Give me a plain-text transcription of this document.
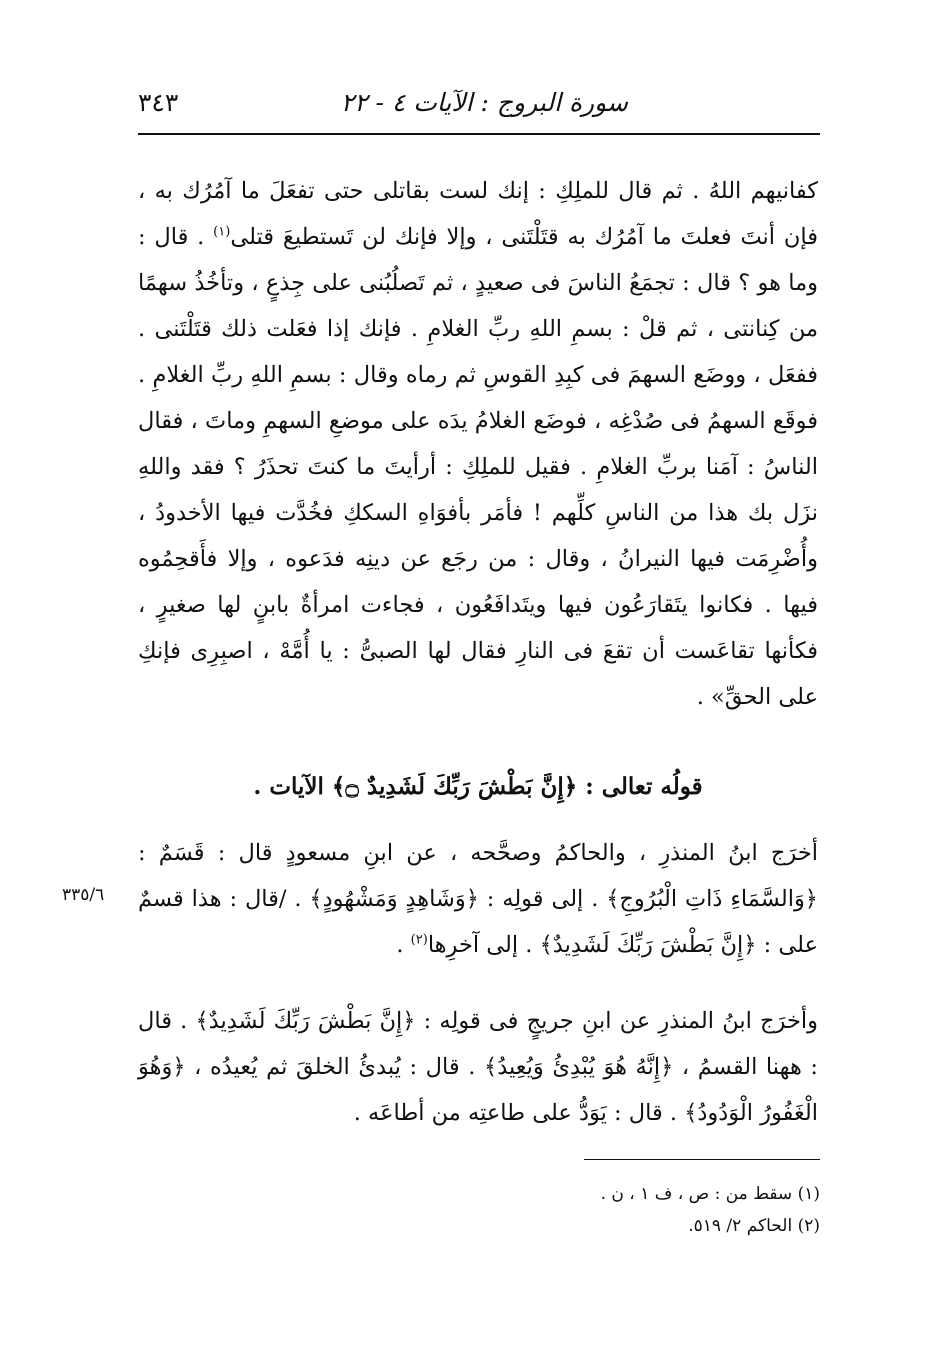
سورة البروج : الآيات ٤ - ٢٢
٣٤٣

كفانيهم اللهُ . ثم قال للملِكِ : إنك لست بقاتلى حتى تفعَلَ ما آمُرُك به ، فإن أنتَ فعلتَ ما آمُرُك به قتَلْتَنى ، وإلا فإنك لن تَستطيعَ قتلى$^{(١)}$ . قال : وما هو ؟ قال : تجمَعُ الناسَ فى صعيدٍ ، ثم تَصلُبُنى على جِذعٍ ، وتأخُذُ سهمًا من كِنانتى ، ثم قلْ : بسمِ اللهِ ربِّ الغلامِ . فإنك إذا فعَلت ذلك قتَلْتَنى . ففعَل ، ووضَع السهمَ فى كبِدِ القوسِ ثم رماه وقال : بسمِ اللهِ ربِّ الغلامِ . فوقَع السهمُ فى صُدْغِه ، فوضَع الغلامُ يدَه على موضعِ السهمِ وماتَ ، فقال الناسُ : آمَنا بربِّ الغلامِ . فقيل للملِكِ : أرأيتَ ما كنتَ تحذَرُ ؟ فقد واللهِ نزَل بك هذا من الناسِ كلِّهم ! فأمَر بأفوَاهِ السككِ فخُدَّت فيها الأخدودُ ، وأُضْرِمَت فيها النيرانُ ، وقال : من رجَع عن دينِه فدَعوه ، وإلا فأَقحِمُوه فيها . فكانوا يتَقارَعُون فيها ويتَدافَعُون ، فجاءت امرأةٌ بابنٍ لها صغيرٍ ، فكأنها تقاعَست أن تقعَ فى النارِ فقال لها الصبىُّ : يا أُمَّهْ ، اصبِرِى فإنكِ على الحقِّ» .

قولُه تعالى : ﴿إِنَّ بَطْشَ رَبِّكَ لَشَدِيدٌ ۝﴾ الآيات .

أخرَج ابنُ المنذرِ ، والحاكمُ وصحَّحه ، عن ابنِ مسعودٍ قال : قَسَمٌ : ﴿وَالسَّمَاءِ ذَاتِ الْبُرُوجِ﴾ . إلى قولِه : ﴿وَشَاهِدٍ وَمَشْهُودٍ﴾ . /قال : هذا قسمٌ على : ﴿إِنَّ بَطْشَ رَبِّكَ لَشَدِيدٌ﴾ . إلى آخرِها$^{(٢)}$ .

٣٣٥/٦

وأخرَج ابنُ المنذرِ عن ابنِ جريجٍ فى قولِه : ﴿إِنَّ بَطْشَ رَبِّكَ لَشَدِيدٌ﴾ . قال : ههنا القسمُ ، ﴿إِنَّهُ هُوَ يُبْدِئُ وَيُعِيدُ﴾ . قال : يُبدئُ الخلقَ ثم يُعيدُه ، ﴿وَهُوَ الْغَفُورُ الْوَدُودُ﴾ . قال : يَوَدُّ على طاعتِه من أطاعَه .

(١) سقط من : ص ، ف ١ ، ن .
(٢) الحاكم ٢/ ٥١٩.
